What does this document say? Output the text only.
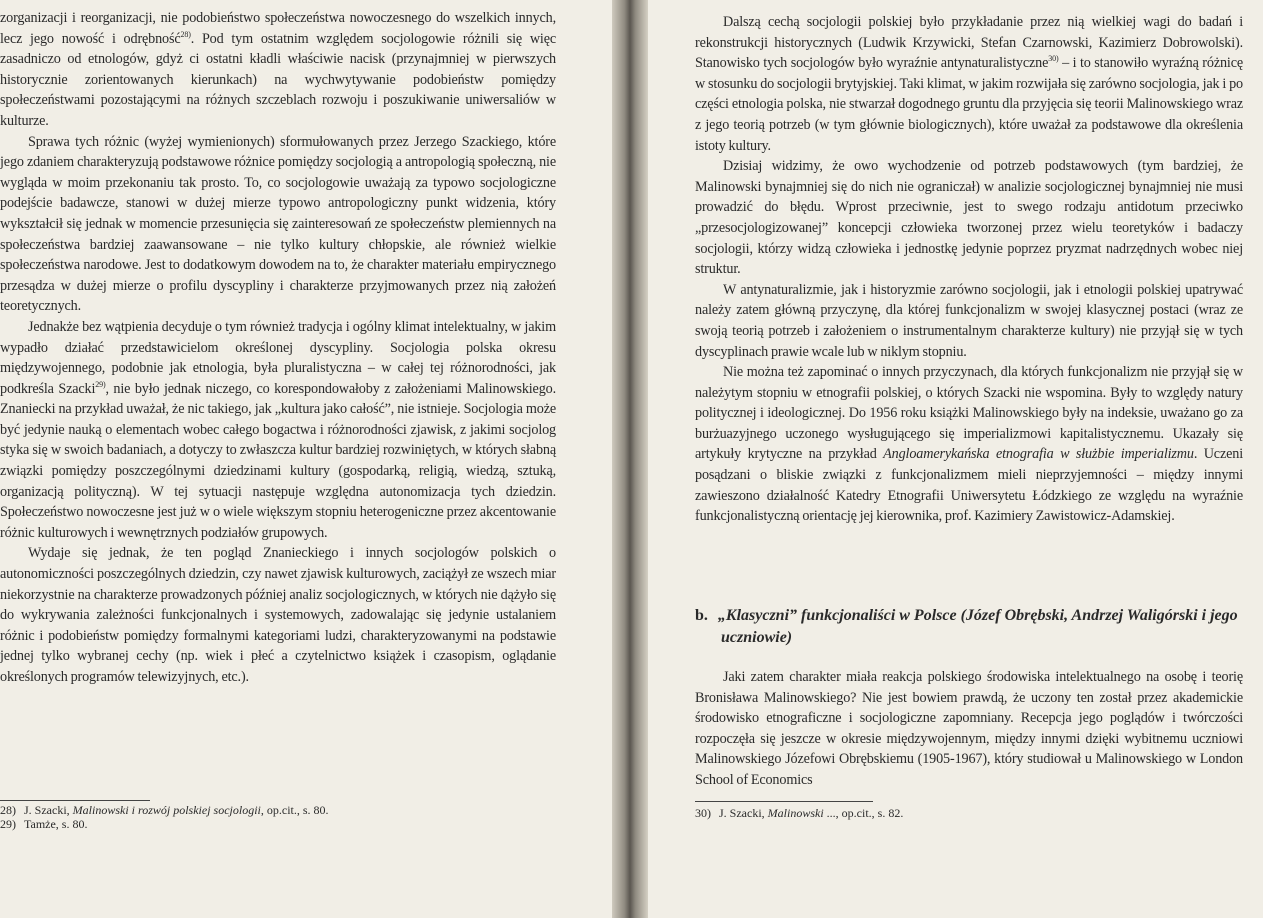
zorganizacji i reorganizacji, nie podobieństwo społeczeństwa nowoczesnego do wszelkich innych, lecz jego nowość i odrębność$^{28)}$. Pod tym ostatnim względem socjologowie różnili się więc zasadniczo od etnologów, gdyż ci ostatni kładli właściwie nacisk (przynajmniej w pierwszych historycznie zorientowanych kierunkach) na wychwytywanie podobieństw pomiędzy społeczeństwami pozostającymi na różnych szczeblach rozwoju i poszukiwanie uniwersaliów w kulturze.

Sprawa tych różnic (wyżej wymienionych) sformułowanych przez Jerzego Szackiego, które jego zdaniem charakteryzują podstawowe różnice pomiędzy socjologią a antropologią społeczną, nie wygląda w moim przekonaniu tak prosto. To, co socjologowie uważają za typowo socjologiczne podejście badawcze, stanowi w dużej mierze typowo antropologiczny punkt widzenia, który wykształcił się jednak w momencie przesunięcia się zainteresowań ze społeczeństw plemiennych na społeczeństwa bardziej zaawansowane – nie tylko kultury chłopskie, ale również wielkie społeczeństwa narodowe. Jest to dodatkowym dowodem na to, że charakter materiału empirycznego przesądza w dużej mierze o profilu dyscypliny i charakterze przyjmowanych przez nią założeń teoretycznych.

Jednakże bez wątpienia decyduje o tym również tradycja i ogólny klimat intelektualny, w jakim wypadło działać przedstawicielom określonej dyscypliny. Socjologia polska okresu międzywojennego, podobnie jak etnologia, była pluralistyczna – w całej tej różnorodności, jak podkreśla Szacki$^{29)}$, nie było jednak niczego, co korespondowałoby z założeniami Malinowskiego. Znaniecki na przykład uważał, że nic takiego, jak „kultura jako całość”, nie istnieje. Socjologia może być jedynie nauką o elementach wobec całego bogactwa i różnorodności zjawisk, z jakimi socjolog styka się w swoich badaniach, a dotyczy to zwłaszcza kultur bardziej rozwiniętych, w których słabną związki pomiędzy poszczególnymi dziedzinami kultury (gospodarką, religią, wiedzą, sztuką, organizacją polityczną). W tej sytuacji następuje względna autonomizacja tych dziedzin. Społeczeństwo nowoczesne jest już w o wiele większym stopniu heterogeniczne przez akcentowanie różnic kulturowych i wewnętrznych podziałów grupowych.

Wydaje się jednak, że ten pogląd Znanieckiego i innych socjologów polskich o autonomiczności poszczególnych dziedzin, czy nawet zjawisk kulturowych, zaciążył ze wszech miar niekorzystnie na charakterze prowadzonych później analiz socjologicznych, w których nie dążyło się do wykrywania zależności funkcjonalnych i systemowych, zadowalając się jedynie ustalaniem różnic i podobieństw pomiędzy formalnymi kategoriami ludzi, charakteryzowanymi na podstawie jednej tylko wybranej cechy (np. wiek i płeć a czytelnictwo książek i czasopism, oglądanie określonych programów telewizyjnych, etc.).

28) J. Szacki, Malinowski i rozwój polskiej socjologii, op.cit., s. 80.
29) Tamże, s. 80.

Dalszą cechą socjologii polskiej było przykładanie przez nią wielkiej wagi do badań i rekonstrukcji historycznych (Ludwik Krzywicki, Stefan Czarnowski, Kazimierz Dobrowolski). Stanowisko tych socjologów było wyraźnie antynaturalistyczne$^{30)}$ – i to stanowiło wyraźną różnicę w stosunku do socjologii brytyjskiej. Taki klimat, w jakim rozwijała się zarówno socjologia, jak i po części etnologia polska, nie stwarzał dogodnego gruntu dla przyjęcia się teorii Malinowskiego wraz z jego teorią potrzeb (w tym głównie biologicznych), które uważał za podstawowe dla określenia istoty kultury.

Dzisiaj widzimy, że owo wychodzenie od potrzeb podstawowych (tym bardziej, że Malinowski bynajmniej się do nich nie ograniczał) w analizie socjologicznej bynajmniej nie musi prowadzić do błędu. Wprost przeciwnie, jest to swego rodzaju antidotum przeciwko „przesocjologizowanej” koncepcji człowieka tworzonej przez wielu teoretyków i badaczy socjologii, którzy widzą człowieka i jednostkę jedynie poprzez pryzmat nadrzędnych wobec niej struktur.

W antynaturalizmie, jak i historyzmie zarówno socjologii, jak i etnologii polskiej upatrywać należy zatem główną przyczynę, dla której funkcjonalizm w swojej klasycznej postaci (wraz ze swoją teorią potrzeb i założeniem o instrumentalnym charakterze kultury) nie przyjął się w tych dyscyplinach prawie wcale lub w niklym stopniu.

Nie można też zapominać o innych przyczynach, dla których funkcjonalizm nie przyjął się w należytym stopniu w etnografii polskiej, o których Szacki nie wspomina. Były to względy natury politycznej i ideologicznej. Do 1956 roku książki Malinowskiego były na indeksie, uważano go za burżuazyjnego uczonego wysługującego się imperializmowi kapitalistycznemu. Ukazały się artykuły krytyczne na przykład Angloamerykańska etnografia w służbie imperializmu. Uczeni posądzani o bliskie związki z funkcjonalizmem mieli nieprzyjemności – między innymi zawieszono działalność Katedry Etnografii Uniwersytetu Łódzkiego ze względu na wyraźnie funkcjonalistyczną orientację jej kierownika, prof. Kazimiery Zawistowicz-Adamskiej.

b. „Klasyczni” funkcjonaliści w Polsce (Józef Obrębski, Andrzej Waligórski i jego uczniowie)

Jaki zatem charakter miała reakcja polskiego środowiska intelektualnego na osobę i teorię Bronisława Malinowskiego? Nie jest bowiem prawdą, że uczony ten został przez akademickie środowisko etnograficzne i socjologiczne zapomniany. Recepcja jego poglądów i twórczości rozpoczęła się jeszcze w okresie międzywojennym, między innymi dzięki wybitnemu uczniowi Malinowskiego Józefowi Obrębskiemu (1905-1967), który studiował u Malinowskiego w London School of Economics

30) J. Szacki, Malinowski ..., op.cit., s. 82.
